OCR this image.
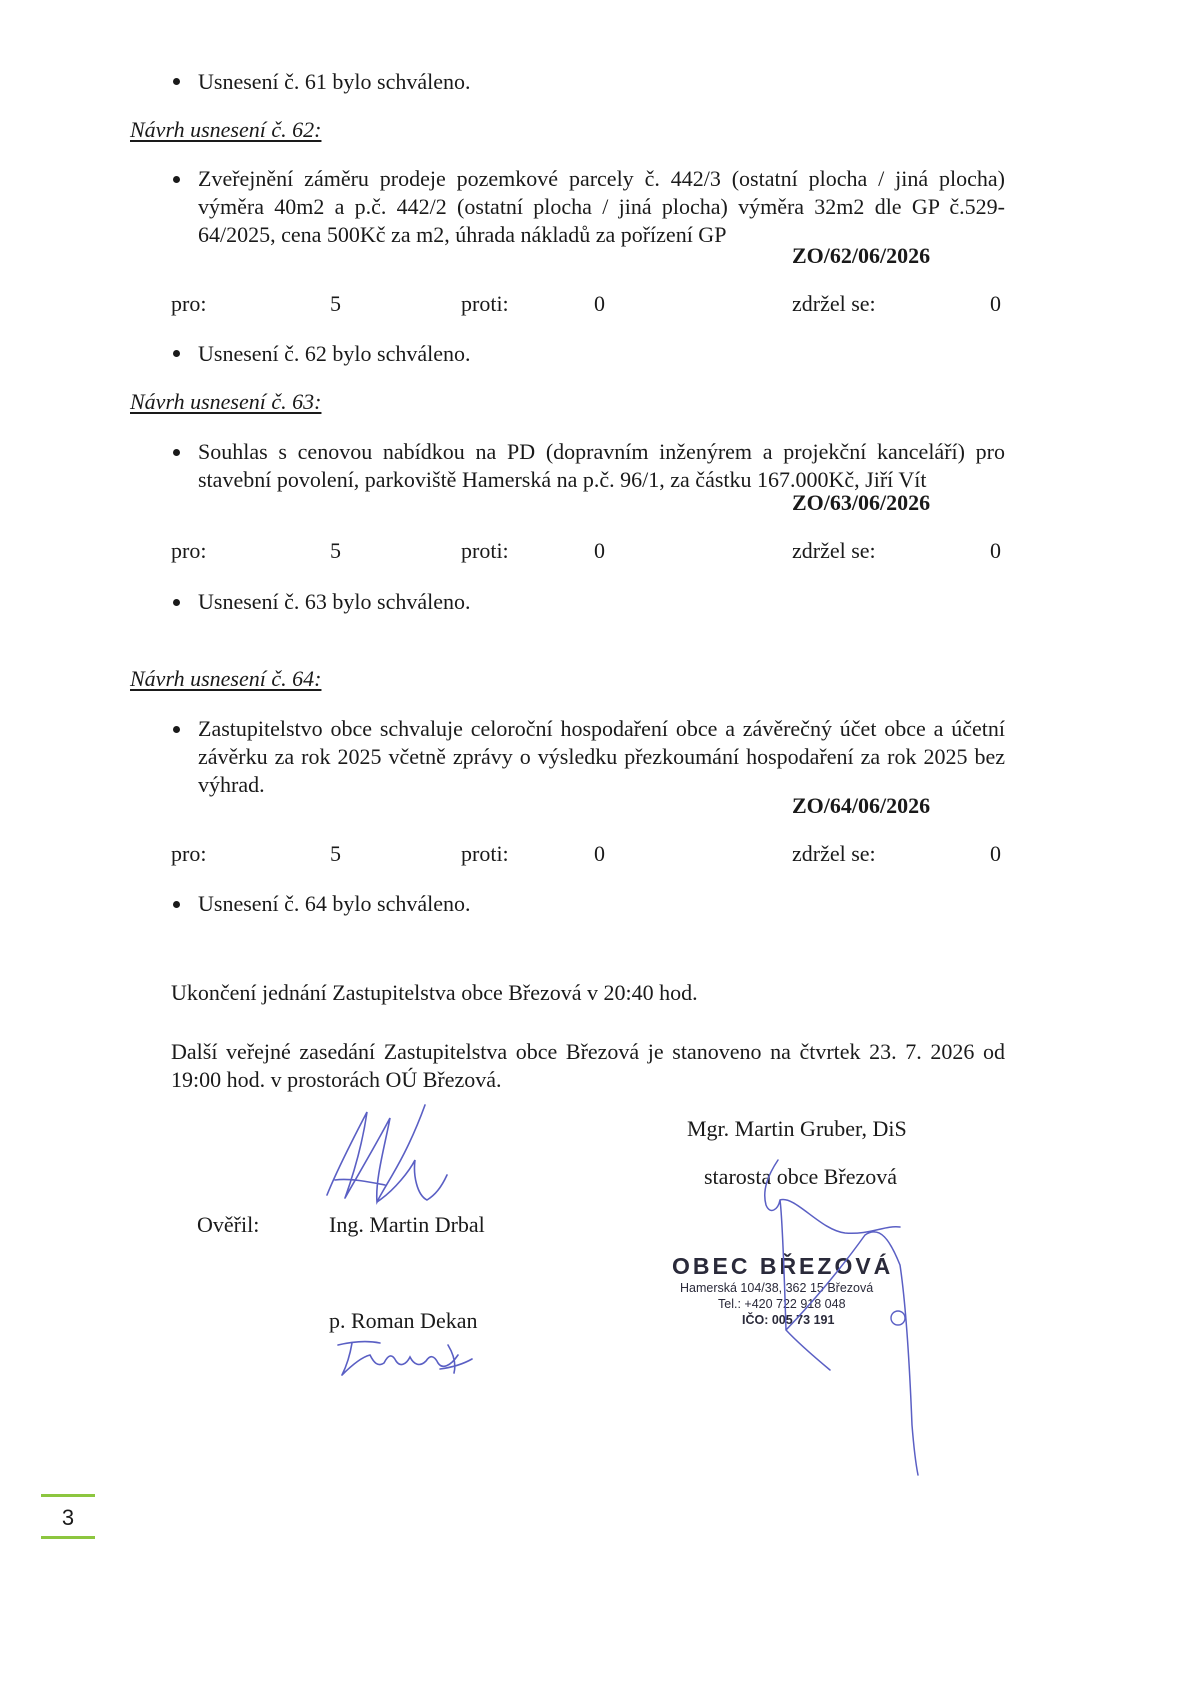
Usnesení č. 61 bylo schváleno.
Návrh usnesení č. 62:
Zveřejnění záměru prodeje pozemkové parcely č. 442/3 (ostatní plocha / jiná plocha)
výměra 40m2 a p.č. 442/2 (ostatní plocha / jiná plocha) výměra 32m2 dle GP č.529-
64/2025, cena 500Kč za m2, úhrada nákladů za pořízení GP
ZO/62/06/2026
pro:	5	proti:	0	zdržel se:	0
Usnesení č. 62 bylo schváleno.
Návrh usnesení č. 63:
Souhlas s cenovou nabídkou na PD (dopravním inženýrem a projekční kanceláří) pro
stavební povolení, parkoviště Hamerská na p.č. 96/1, za částku 167.000Kč, Jiří Vít
ZO/63/06/2026
pro:	5	proti:	0	zdržel se:	0
Usnesení č. 63 bylo schváleno.
Návrh usnesení č. 64:
Zastupitelstvo obce schvaluje celoroční hospodaření obce a závěrečný účet obce a účetní
závěrku za rok 2025 včetně zprávy o výsledku přezkoumání hospodaření za rok 2025 bez
výhrad.
ZO/64/06/2026
pro:	5	proti:	0	zdržel se:	0
Usnesení č. 64 bylo schváleno.
Ukončení jednání Zastupitelstva obce Březová v 20:40 hod.
Další veřejné zasedání Zastupitelstva obce Březová je stanoveno na čtvrtek 23. 7. 2026 od
19:00 hod. v prostorách OÚ Březová.
Mgr. Martin Gruber, DiS
starosta obce Březová
Ověřil:	Ing. Martin Drbal
p. Roman Dekan
OBEC BŘEZOVÁ
Hamerská 104/38, 362 15 Březová
Tel.: +420 722 918 048
IČO: 005 73 191
3
